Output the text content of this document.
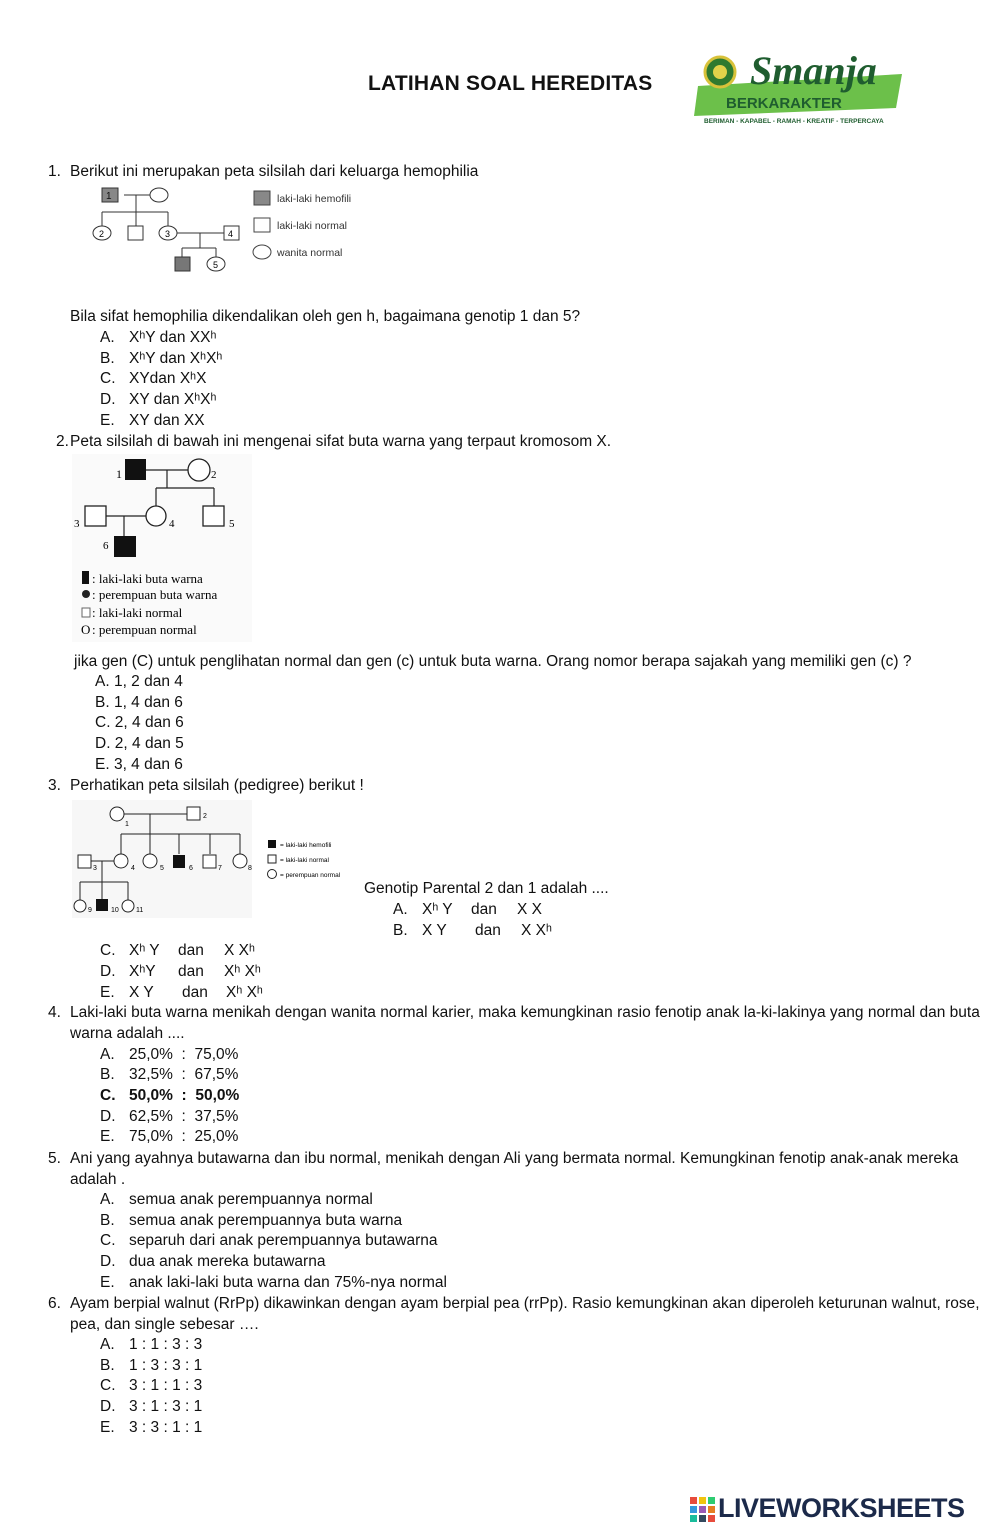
LATIHAN SOAL HEREDITAS Smanja
BERKARAKTER
BERIMAN - KAPABEL - RAMAH - KREATIF - TERPERCAYA
1. Berikut ini merupakan peta silsilah dari keluarga hemophilia
1
2	3	4
5
laki-laki hemofili
laki-laki normal
wanita normal
Bila sifat hemophilia dikendalikan oleh gen h, bagaimana genotip 1 dan 5?
A. XʰY dan XXʰ
B. XʰY dan XʰXʰ
C. XYdan XʰX
D. XY dan XʰXʰ
E. XY dan XX
2.Peta silsilah di bawah ini mengenai sifat buta warna yang terpaut kromosom X.
1	2
3	4	5
6
: laki-laki buta warna
: perempuan buta warna
: laki-laki normal
O : perempuan normal
jika gen (C) untuk penglihatan normal dan gen (c) untuk buta warna. Orang nomor berapa sajakah yang memiliki gen (c) ?
A. 1, 2 dan 4
B. 1, 4 dan 6
C. 2, 4 dan 6
D. 2, 4 dan 5
E. 3, 4 dan 6
3. Perhatikan peta silsilah (pedigree) berikut !
1
2
3	4	5	6	7	8
9	10 11
= laki-laki hemofili
= laki-laki normal
= perempuan normal
Genotip Parental 2 dan 1 adalah ....
A. Xʰ Y dan X X
B. X Y dan X Xʰ
C. Xʰ Y dan X Xʰ
D. XʰY dan Xʰ Xʰ
E. X Y dan Xʰ Xʰ
4. Laki-laki buta warna menikah dengan wanita normal karier, maka kemungkinan rasio fenotip anak la-ki-lakinya yang normal dan buta
warna adalah ....
A. 25,0%  :  75,0%
B. 32,5%  :  67,5%
C. 50,0%  :  50,0%
D. 62,5%  :  37,5%
E. 75,0%  :  25,0%
5. Ani yang ayahnya butawarna dan ibu normal, menikah dengan Ali yang bermata normal. Kemungkinan fenotip anak-anak mereka
adalah .
A. semua anak perempuannya normal
B. semua anak perempuannya buta warna
C. separuh dari anak perempuannya butawarna
D. dua anak mereka butawarna
E. anak laki-laki buta warna dan 75%-nya normal
6. Ayam berpial walnut (RrPp) dikawinkan dengan ayam berpial pea (rrPp). Rasio kemungkinan akan diperoleh keturunan walnut, rose,
pea, dan single sebesar ….
A. 1 : 1 : 3 : 3
B. 1 : 3 : 3 : 1
C. 3 : 1 : 1 : 3
D. 3 : 1 : 3 : 1
E. 3 : 3 : 1 : 1
LIVEWORKSHEETS
